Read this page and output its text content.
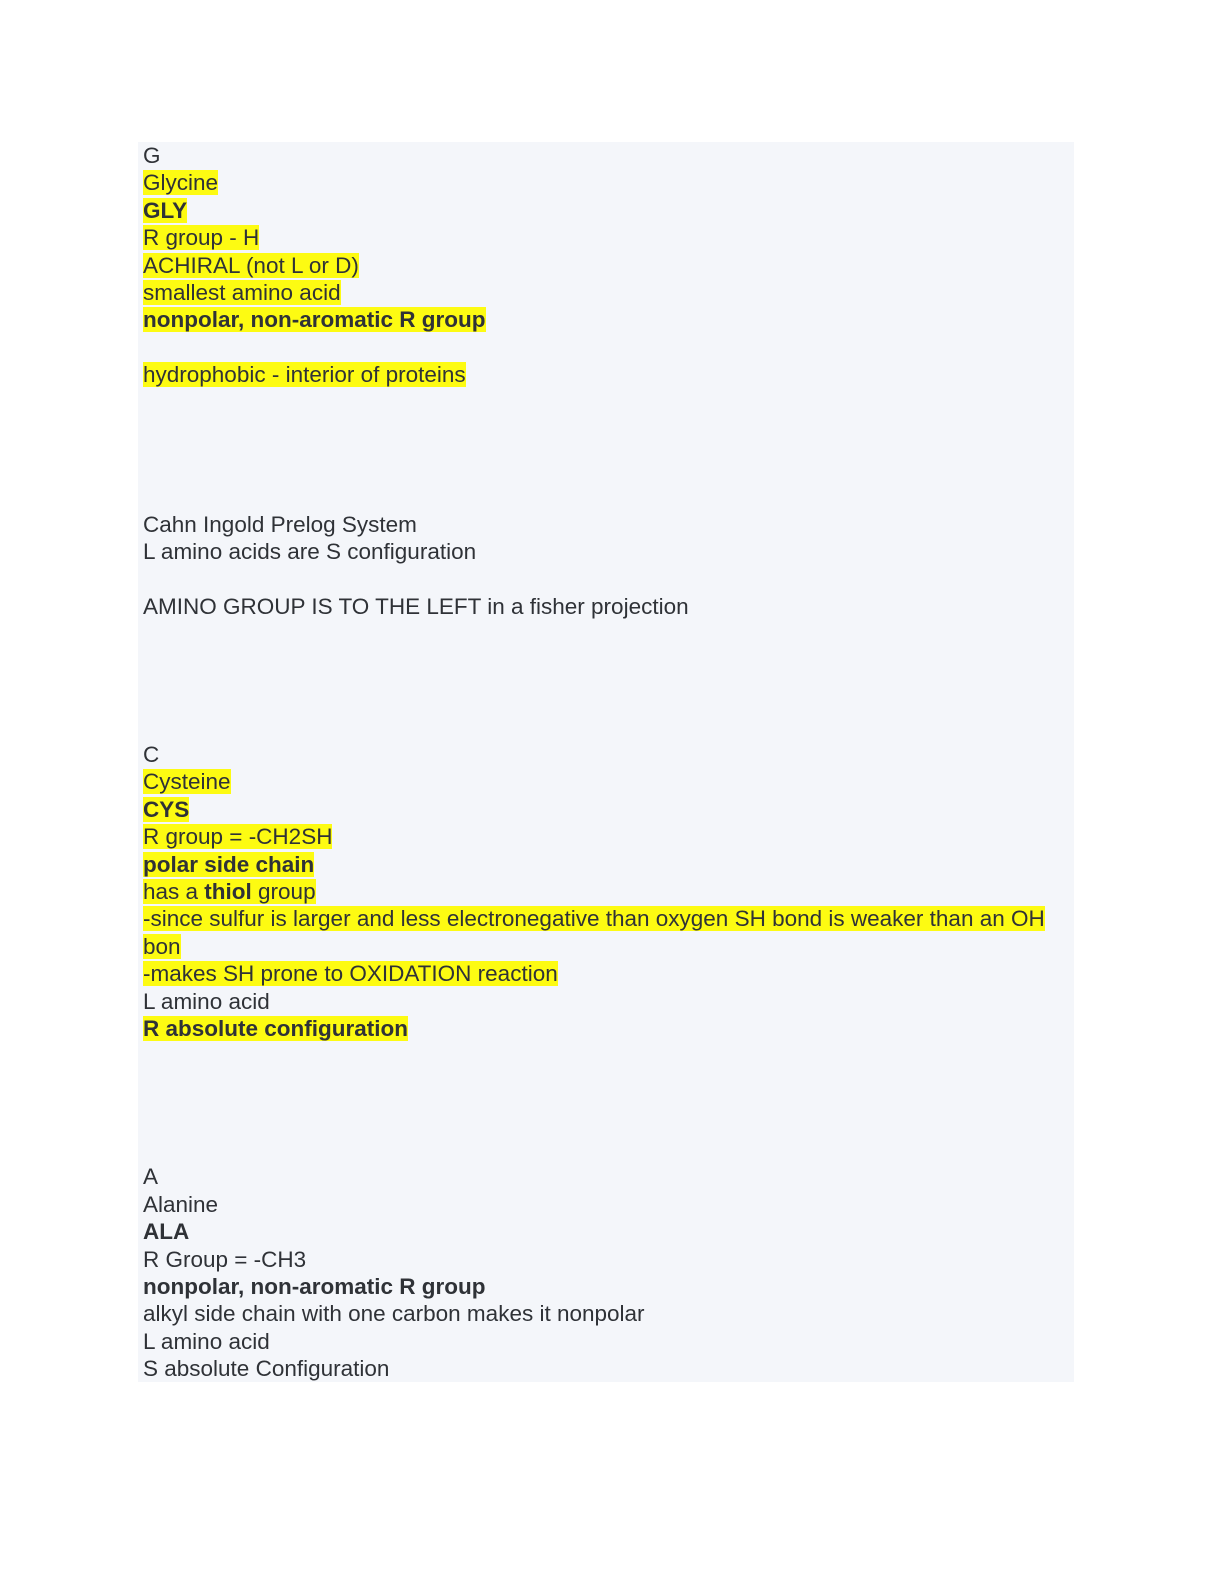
G
Glycine
GLY
R group - H
ACHIRAL (not L or D)
smallest amino acid
nonpolar, non-aromatic R group
hydrophobic - interior of proteins
Cahn Ingold Prelog System
L amino acids are S configuration
AMINO GROUP IS TO THE LEFT in a fisher projection
C
Cysteine
CYS
R group = -CH2SH
polar side chain
has a thiol group
-since sulfur is larger and less electronegative than oxygen SH bond is weaker than an OH bon
-makes SH prone to OXIDATION reaction
L amino acid
R absolute configuration
A
Alanine
ALA
R Group = -CH3
nonpolar, non-aromatic R group
alkyl side chain with one carbon makes it nonpolar
L amino acid
S absolute Configuration
